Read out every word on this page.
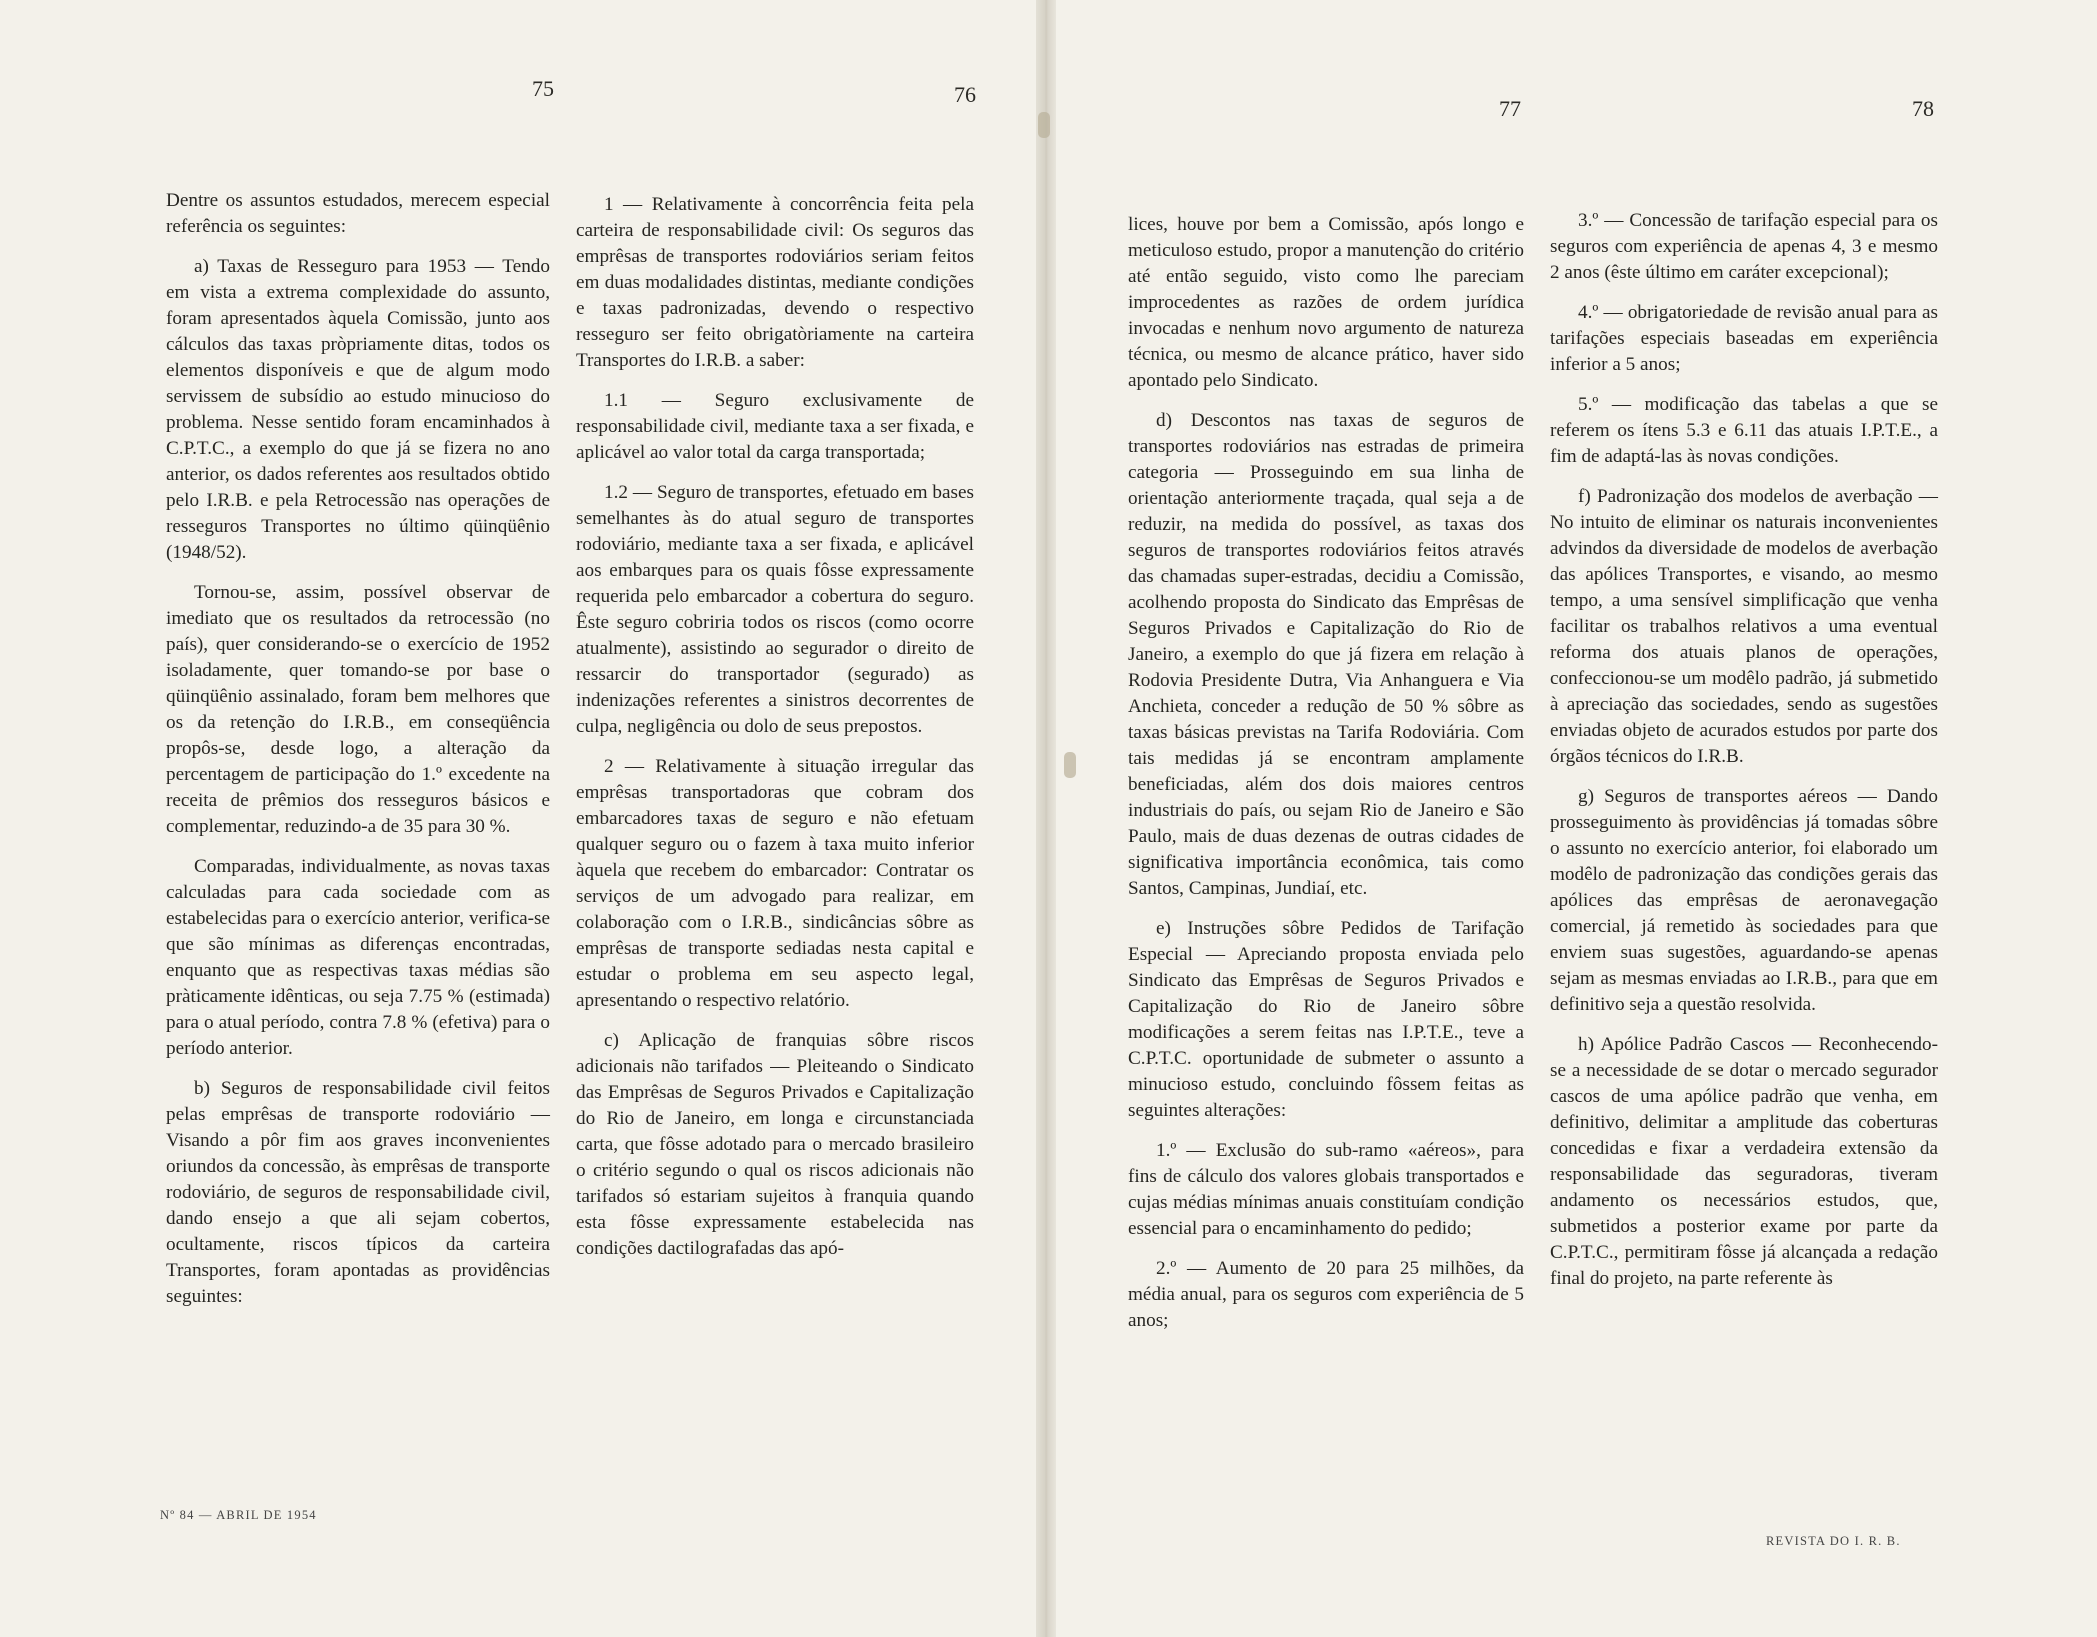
75	76
77	78

Dentre os assuntos estudados, merecem especial referência os seguintes:

a) Taxas de Resseguro para 1953 — Tendo em vista a extrema complexidade do assunto, foram apresentados àquela Comissão, junto aos cálculos das taxas pròpriamente ditas, todos os elementos disponíveis e que de algum modo servissem de subsídio ao estudo minucioso do problema. Nesse sentido foram encaminhados à C.P.T.C., a exemplo do que já se fizera no ano anterior, os dados referentes aos resultados obtido pelo I.R.B. e pela Retrocessão nas operações de resseguros Transportes no último qüinqüênio (1948/52).

Tornou-se, assim, possível observar de imediato que os resultados da retrocessão (no país), quer considerando-se o exercício de 1952 isoladamente, quer tomando-se por base o qüinqüênio assinalado, foram bem melhores que os da retenção do I.R.B., em conseqüência propôs-se, desde logo, a alteração da percentagem de participação do 1.º excedente na receita de prêmios dos resseguros básicos e complementar, reduzindo-a de 35 para 30 %.

Comparadas, individualmente, as novas taxas calculadas para cada sociedade com as estabelecidas para o exercício anterior, verifica-se que são mínimas as diferenças encontradas, enquanto que as respectivas taxas médias são pràticamente idênticas, ou seja 7.75 % (estimada) para o atual período, contra 7.8 % (efetiva) para o período anterior.

b) Seguros de responsabilidade civil feitos pelas emprêsas de transporte rodoviário — Visando a pôr fim aos graves inconvenientes oriundos da concessão, às emprêsas de transporte rodoviário, de seguros de responsabilidade civil, dando ensejo a que ali sejam cobertos, ocultamente, riscos típicos da carteira Transportes, foram apontadas as providências seguintes:

1 — Relativamente à concorrência feita pela carteira de responsabilidade civil: Os seguros das emprêsas de transportes rodoviários seriam feitos em duas modalidades distintas, mediante condições e taxas padronizadas, devendo o respectivo resseguro ser feito obrigatòriamente na carteira Transportes do I.R.B. a saber:

1.1 — Seguro exclusivamente de responsabilidade civil, mediante taxa a ser fixada, e aplicável ao valor total da carga transportada;

1.2 — Seguro de transportes, efetuado em bases semelhantes às do atual seguro de transportes rodoviário, mediante taxa a ser fixada, e aplicável aos embarques para os quais fôsse expressamente requerida pelo embarcador a cobertura do seguro. Êste seguro cobriria todos os riscos (como ocorre atualmente), assistindo ao segurador o direito de ressarcir do transportador (segurado) as indenizações referentes a sinistros decorrentes de culpa, negligência ou dolo de seus prepostos.

2 — Relativamente à situação irregular das emprêsas transportadoras que cobram dos embarcadores taxas de seguro e não efetuam qualquer seguro ou o fazem à taxa muito inferior àquela que recebem do embarcador: Contratar os serviços de um advogado para realizar, em colaboração com o I.R.B., sindicâncias sôbre as emprêsas de transporte sediadas nesta capital e estudar o problema em seu aspecto legal, apresentando o respectivo relatório.

c) Aplicação de franquias sôbre riscos adicionais não tarifados — Pleiteando o Sindicato das Emprêsas de Seguros Privados e Capitalização do Rio de Janeiro, em longa e circunstanciada carta, que fôsse adotado para o mercado brasileiro o critério segundo o qual os riscos adicionais não tarifados só estariam sujeitos à franquia quando esta fôsse expressamente estabelecida nas condições dactilografadas das apó-

lices, houve por bem a Comissão, após longo e meticuloso estudo, propor a manutenção do critério até então seguido, visto como lhe pareciam improcedentes as razões de ordem jurídica invocadas e nenhum novo argumento de natureza técnica, ou mesmo de alcance prático, haver sido apontado pelo Sindicato.

d) Descontos nas taxas de seguros de transportes rodoviários nas estradas de primeira categoria — Prosseguindo em sua linha de orientação anteriormente traçada, qual seja a de reduzir, na medida do possível, as taxas dos seguros de transportes rodoviários feitos através das chamadas super-estradas, decidiu a Comissão, acolhendo proposta do Sindicato das Emprêsas de Seguros Privados e Capitalização do Rio de Janeiro, a exemplo do que já fizera em relação à Rodovia Presidente Dutra, Via Anhanguera e Via Anchieta, conceder a redução de 50 % sôbre as taxas básicas previstas na Tarifa Rodoviária. Com tais medidas já se encontram amplamente beneficiadas, além dos dois maiores centros industriais do país, ou sejam Rio de Janeiro e São Paulo, mais de duas dezenas de outras cidades de significativa importância econômica, tais como Santos, Campinas, Jundiaí, etc.

e) Instruções sôbre Pedidos de Tarifação Especial — Apreciando proposta enviada pelo Sindicato das Emprêsas de Seguros Privados e Capitalização do Rio de Janeiro sôbre modificações a serem feitas nas I.P.T.E., teve a C.P.T.C. oportunidade de submeter o assunto a minucioso estudo, concluindo fôssem feitas as seguintes alterações:

1.º — Exclusão do sub-ramo «aéreos», para fins de cálculo dos valores globais transportados e cujas médias mínimas anuais constituíam condição essencial para o encaminhamento do pedido;

2.º — Aumento de 20 para 25 milhões, da média anual, para os seguros com experiência de 5 anos;

3.º — Concessão de tarifação especial para os seguros com experiência de apenas 4, 3 e mesmo 2 anos (êste último em caráter excepcional);

4.º — obrigatoriedade de revisão anual para as tarifações especiais baseadas em experiência inferior a 5 anos;

5.º — modificação das tabelas a que se referem os ítens 5.3 e 6.11 das atuais I.P.T.E., a fim de adaptá-las às novas condições.

f) Padronização dos modelos de averbação — No intuito de eliminar os naturais inconvenientes advindos da diversidade de modelos de averbação das apólices Transportes, e visando, ao mesmo tempo, a uma sensível simplificação que venha facilitar os trabalhos relativos a uma eventual reforma dos atuais planos de operações, confeccionou-se um modêlo padrão, já submetido à apreciação das sociedades, sendo as sugestões enviadas objeto de acurados estudos por parte dos órgãos técnicos do I.R.B.

g) Seguros de transportes aéreos — Dando prosseguimento às providências já tomadas sôbre o assunto no exercício anterior, foi elaborado um modêlo de padronização das condições gerais das apólices das emprêsas de aeronavegação comercial, já remetido às sociedades para que enviem suas sugestões, aguardando-se apenas sejam as mesmas enviadas ao I.R.B., para que em definitivo seja a questão resolvida.

h) Apólice Padrão Cascos — Reconhecendo-se a necessidade de se dotar o mercado segurador cascos de uma apólice padrão que venha, em definitivo, delimitar a amplitude das coberturas concedidas e fixar a verdadeira extensão da responsabilidade das seguradoras, tiveram andamento os necessários estudos, que, submetidos a posterior exame por parte da C.P.T.C., permitiram fôsse já alcançada a redação final do projeto, na parte referente às

Nº 84 — ABRIL DE 1954
REVISTA DO I. R. B.
